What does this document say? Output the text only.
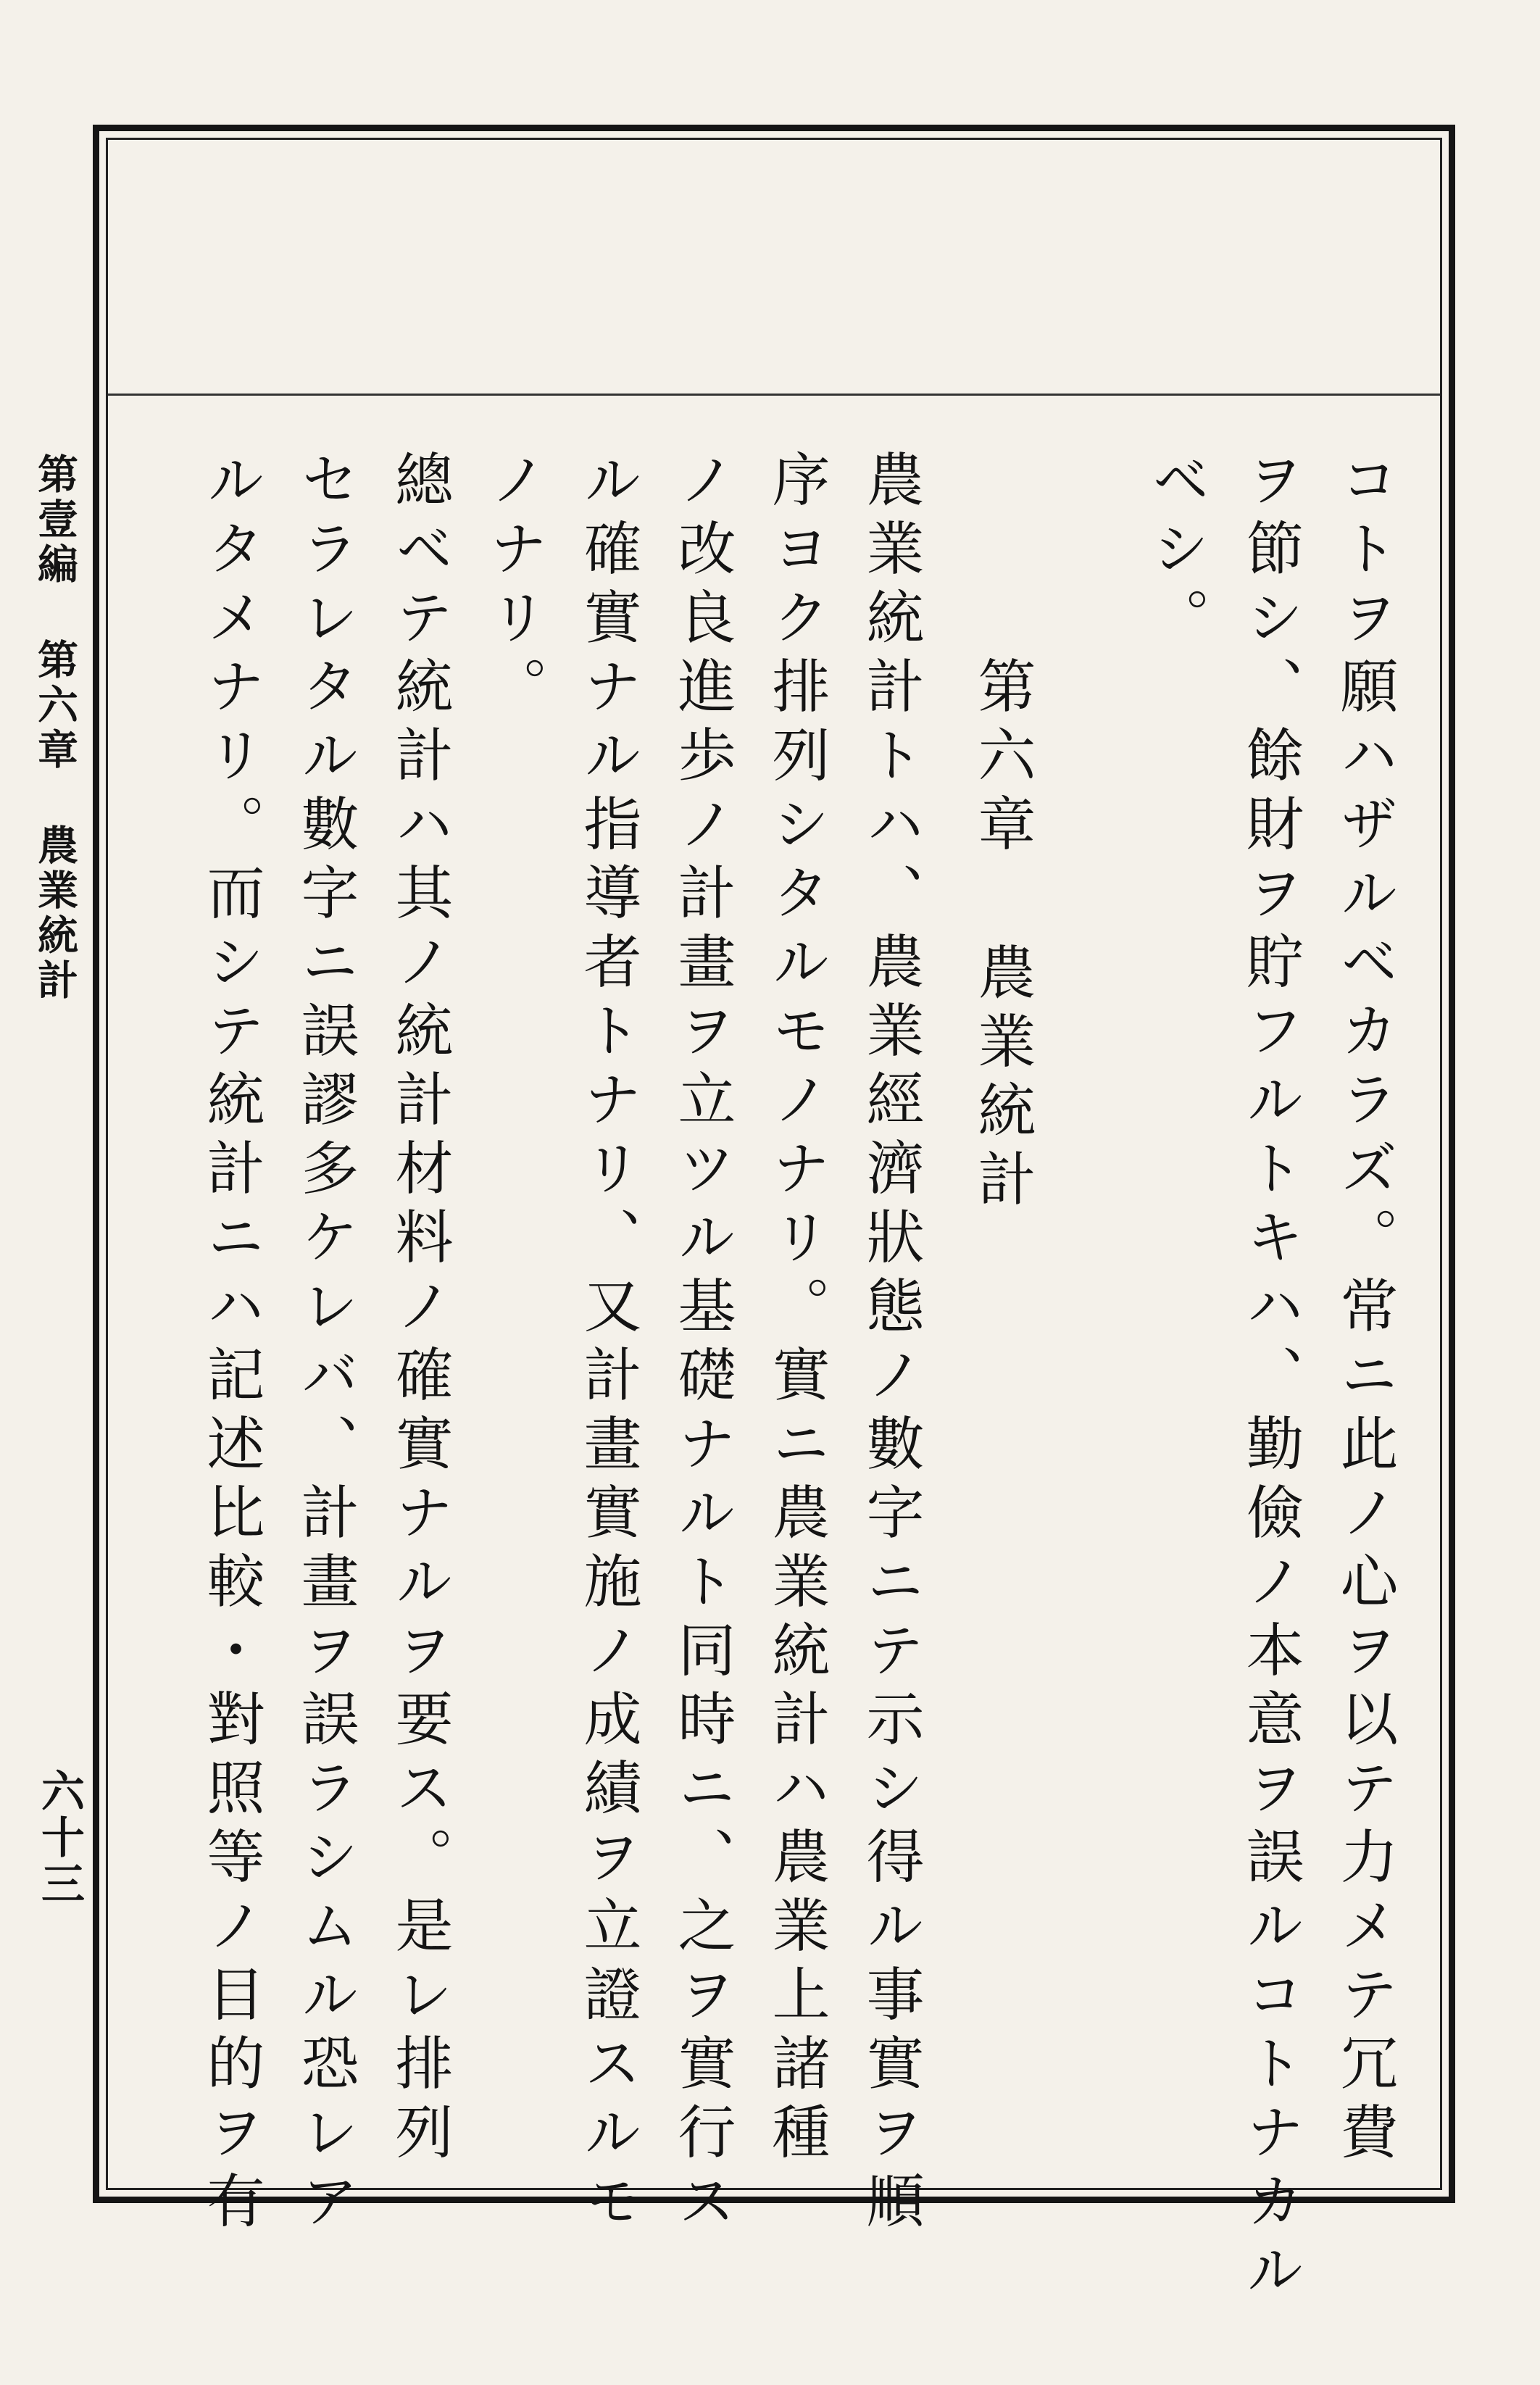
コトヲ願ハザルベカラズ。常ニ此ノ心ヲ以テ力メテ冗費
ヲ節シ、餘財ヲ貯フルトキハ、勤儉ノ本意ヲ誤ルコトナカル
ベシ。
第六章農業統計
農業統計トハ、農業經濟狀態ノ數字ニテ示シ得ル事實ヲ順
序ヨク排列シタルモノナリ。實ニ農業統計ハ農業上諸種
ノ改良進歩ノ計畫ヲ立ツル基礎ナルト同時ニ、之ヲ實行ス
ル確實ナル指導者トナリ、又計畫實施ノ成績ヲ立證スルモ
ノナリ。
總ベテ統計ハ其ノ統計材料ノ確實ナルヲ要ス。是レ排列
セラレタル數字ニ誤謬多ケレバ、計畫ヲ誤ラシムル恐レア
ルタメナリ。而シテ統計ニハ記述比較・對照等ノ目的ヲ有
第壹編第六章農業統計
六十三
